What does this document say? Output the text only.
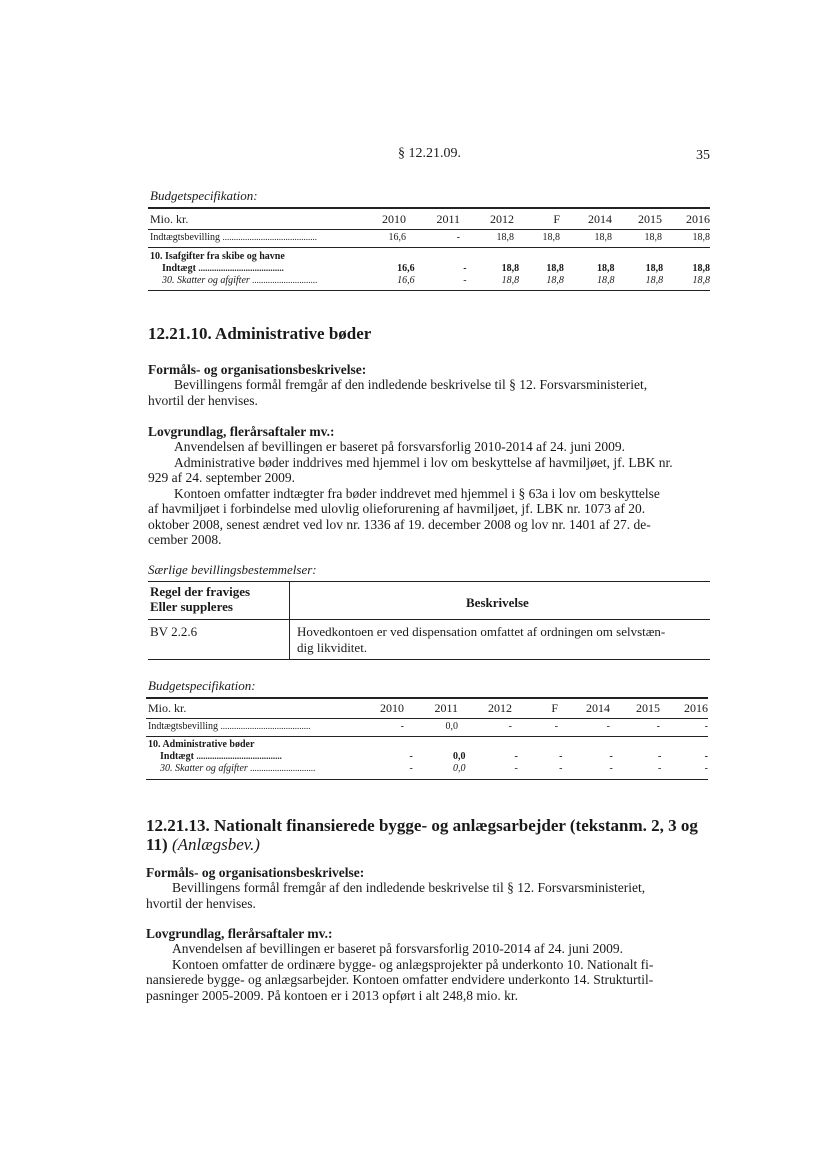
§ 12.21.09.	35
Budgetspecifikation:
Mio. kr.	2010	2011	2012	F	2014	2015	2016
Indtægtsbevilling ..........................................	16,6	-	18,8	18,8	18,8	18,8	18,8
10. Isafgifter fra skibe og havne							
Indtægt ......................................	16,6	-	18,8	18,8	18,8	18,8	18,8
30. Skatter og afgifter .............................	16,6	-	18,8	18,8	18,8	18,8	18,8
12.21.10. Administrative bøder
Formåls- og organisationsbeskrivelse:
Bevillingens formål fremgår af den indledende beskrivelse til § 12. Forsvarsministeriet,
hvortil der henvises.
Lovgrundlag, flerårsaftaler mv.:
Anvendelsen af bevillingen er baseret på forsvarsforlig 2010-2014 af 24. juni 2009.
Administrative bøder inddrives med hjemmel i lov om beskyttelse af havmiljøet, jf. LBK nr.
929 af 24. september 2009.
Kontoen omfatter indtægter fra bøder inddrevet med hjemmel i § 63a i lov om beskyttelse
af havmiljøet i forbindelse med ulovlig olieforurening af havmiljøet, jf. LBK nr. 1073 af 20.
oktober 2008, senest ændret ved lov nr. 1336 af 19. december 2008 og lov nr. 1401 af 27. de-
cember 2008.
Særlige bevillingsbestemmelser:
Regel der fraviges
Eller suppleres	Beskrivelse
BV 2.2.6	Hovedkontoen er ved dispensation omfattet af ordningen om selvstæn-
dig likviditet.
Budgetspecifikation:
Mio. kr.	2010	2011	2012	F	2014	2015	2016
Indtægtsbevilling ........................................	-	0,0	-	-	-	-	-
10. Administrative bøder							
Indtægt ......................................	-	0,0	-	-	-	-	-
30. Skatter og afgifter .............................	-	0,0	-	-	-	-	-
12.21.13. Nationalt finansierede bygge- og anlægsarbejder (tekstanm. 2, 3 og
11) (Anlægsbev.)
Formåls- og organisationsbeskrivelse:
Bevillingens formål fremgår af den indledende beskrivelse til § 12. Forsvarsministeriet,
hvortil der henvises.
Lovgrundlag, flerårsaftaler mv.:
Anvendelsen af bevillingen er baseret på forsvarsforlig 2010-2014 af 24. juni 2009.
Kontoen omfatter de ordinære bygge- og anlægsprojekter på underkonto 10. Nationalt fi-
nansierede bygge- og anlægsarbejder. Kontoen omfatter endvidere underkonto 14. Strukturtil-
pasninger 2005-2009. På kontoen er i 2013 opført i alt 248,8 mio. kr.
